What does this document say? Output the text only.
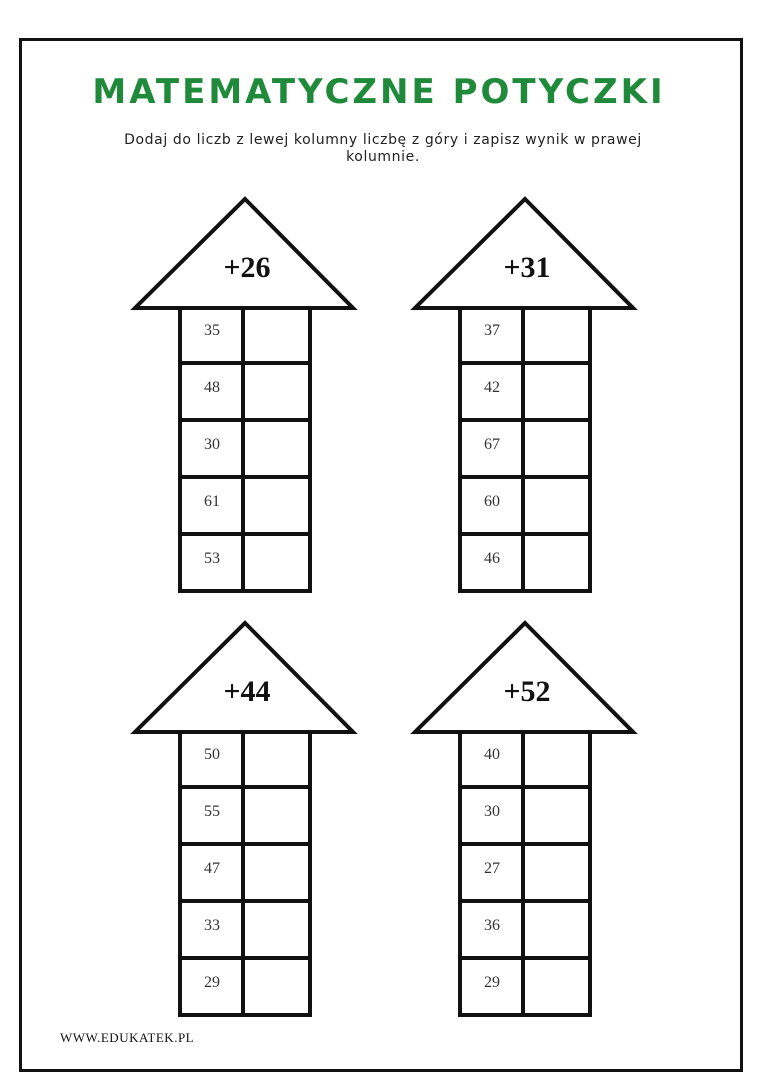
MATEMATYCZNE POTYCZKI

Dodaj do liczb z lewej kolumny liczbę z góry i zapisz wynik w prawej kolumnie.

+26
35
48
30
61
53
+31
37
42
67
60
46
+44
50
55
47
33
29
+52
40
30
27
36
29
WWW.EDUKATEK.PL
